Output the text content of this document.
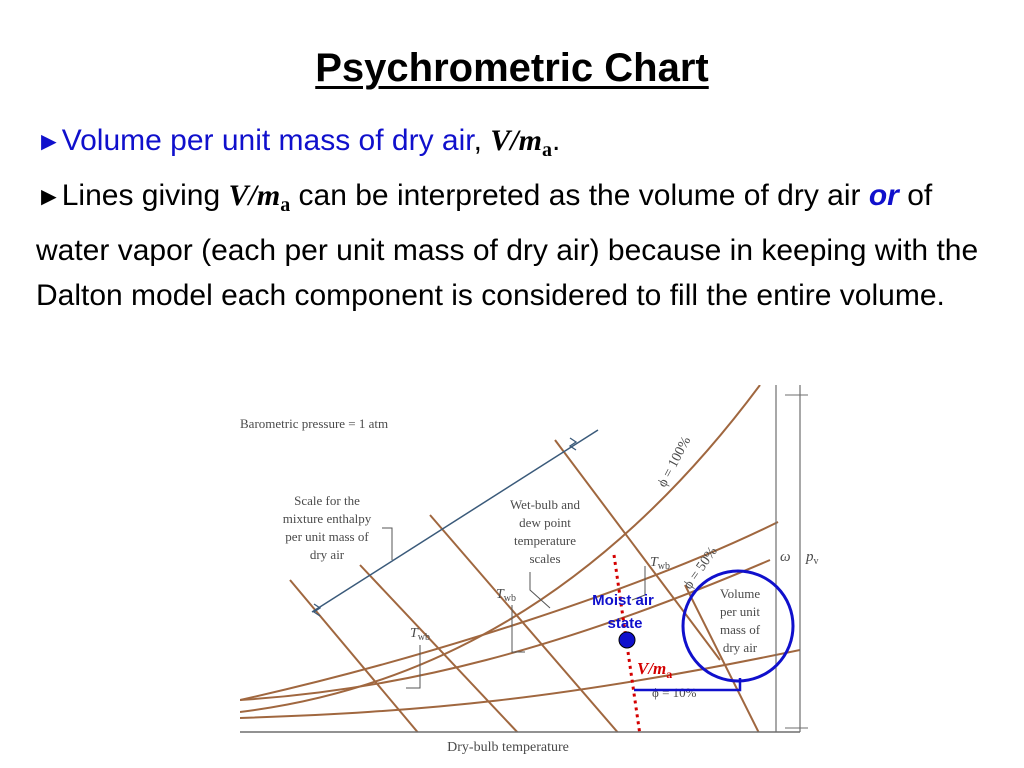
Psychrometric Chart
►Volume per unit mass of dry air, $V/m_a$.
►Lines giving $V/m_a$ can be interpreted as the volume of dry air or of water vapor (each per unit mass of dry air) because in keeping with the Dalton model each component is considered to fill the entire volume.
Barometric pressure = 1 atm
Scale for the
mixture enthalpy
per unit mass of
dry air
Wet-bulb and
dew point
temperature
scales	$T_{wb}$
$T_{wb}$
$T_{wb}$
ϕ = 100%
ϕ = 50%
ϕ = 10%
ω $p_v$
Volume
per unit
mass of
dry air
Dry-bulb temperature
Moist air
state
$V/m_a$
